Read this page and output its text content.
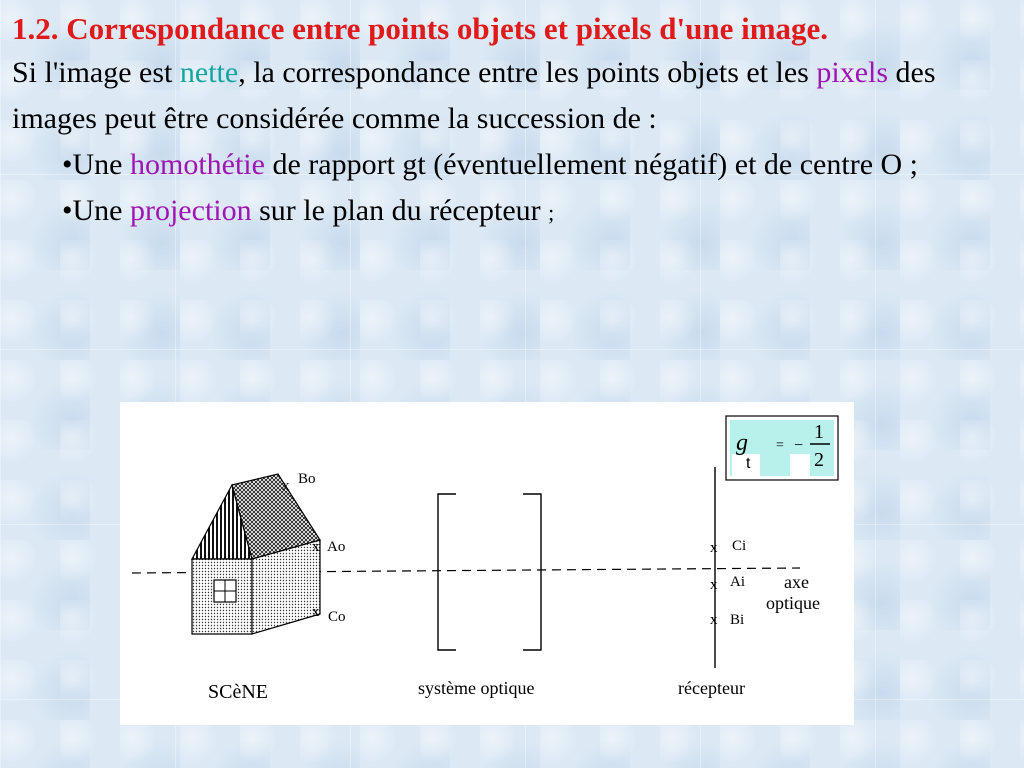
1.2. Correspondance entre points objets et pixels d'une image.

Si l'image est nette, la correspondance entre les points objets et les pixels des images peut être considérée comme la succession de :

•Une homothétie de rapport gt (éventuellement négatif) et de centre O ;

•Une projection sur le plan du récepteur ;

x Bo
x Ao
x Co
x Ci
x Ai
x Bi
axe
optique
SCèNE	système optique	récepteur
g
t
= −
1
2
